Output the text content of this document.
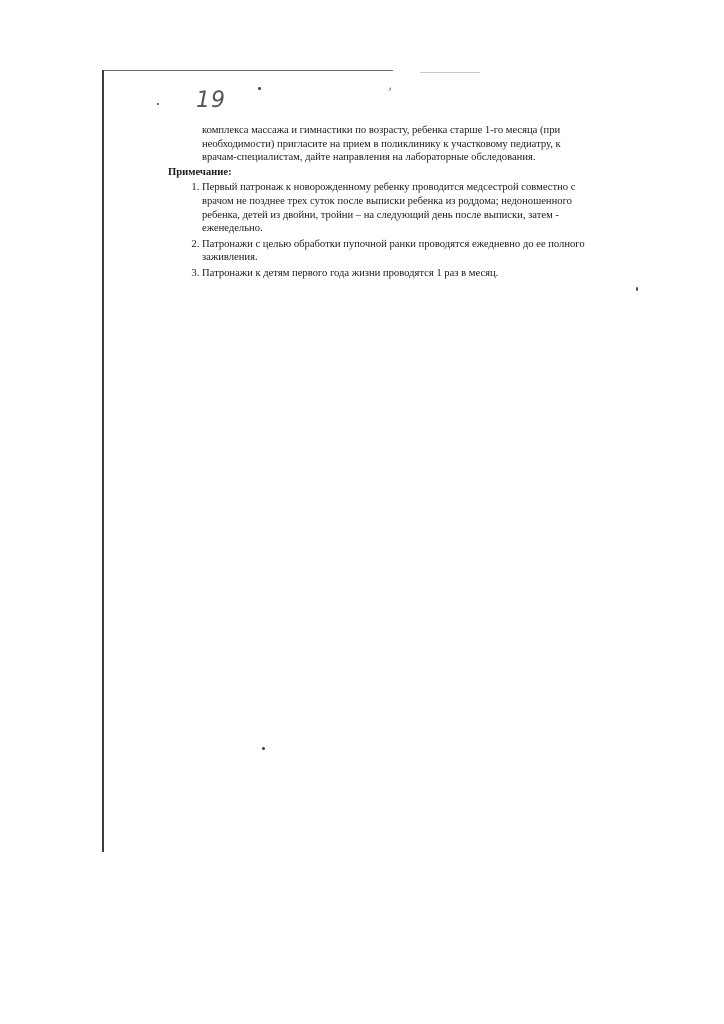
19	ۥ

комплекса массажа и гимнастики по возрасту, ребенка старше 1-го месяца (при необходимости) пригласите на прием в поликлинику к участковому педиатру, к врачам-специалистам, дайте направления на лабораторные обследования.

Примечание:
1. Первый патронаж к новорожденному ребенку проводится медсестрой совместно с врачом не позднее трех суток после выписки ребенка из роддома; недоношенного ребенка, детей из двойни, тройни – на следующий день после выписки, затем - еженедельно.
2. Патронажи с целью обработки пупочной ранки проводятся ежедневно до ее полного заживления.
3. Патронажи к детям первого года жизни проводятся 1 раз в месяц.
